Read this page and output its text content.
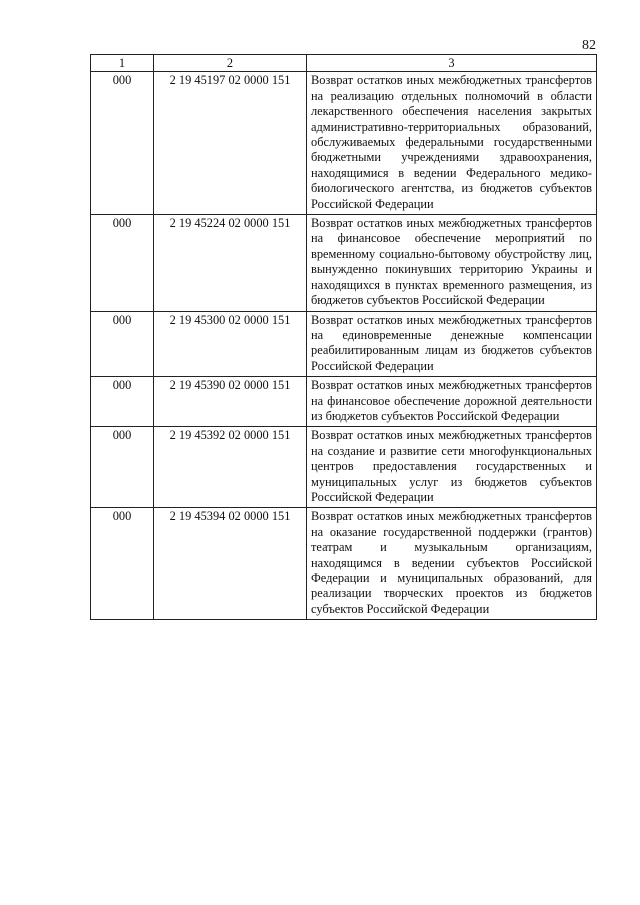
82
1	2	3
000	2 19 45197 02 0000 151	Возврат остатков иных межбюджетных трансфертов на реализацию отдельных полномочий в области лекарственного обеспечения населения закрытых административно-территориальных образований, обслуживаемых федеральными государственными бюджетными учреждениями здравоохранения, находящимися в ведении Федерального медико-биологического агентства, из бюджетов субъектов Российской Федерации
000	2 19 45224 02 0000 151	Возврат остатков иных межбюджетных трансфертов на финансовое обеспечение мероприятий по временному социально-бытовому обустройству лиц, вынужденно покинувших территорию Украины и находящихся в пунктах временного размещения, из бюджетов субъектов Российской Федерации
000	2 19 45300 02 0000 151	Возврат остатков иных межбюджетных трансфертов на единовременные денежные компенсации реабилитированным лицам из бюджетов субъектов Российской Федерации
000	2 19 45390 02 0000 151	Возврат остатков иных межбюджетных трансфертов на финансовое обеспечение дорожной деятельности из бюджетов субъектов Российской Федерации
000	2 19 45392 02 0000 151	Возврат остатков иных межбюджетных трансфертов на создание и развитие сети многофункциональных центров предоставления государственных и муниципальных услуг из бюджетов субъектов Российской Федерации
000	2 19 45394 02 0000 151	Возврат остатков иных межбюджетных трансфертов на оказание государственной поддержки (грантов) театрам и музыкальным организациям, находящимся в ведении субъектов Российской Федерации и муниципальных образований, для реализации творческих проектов из бюджетов субъектов Российской Федерации
